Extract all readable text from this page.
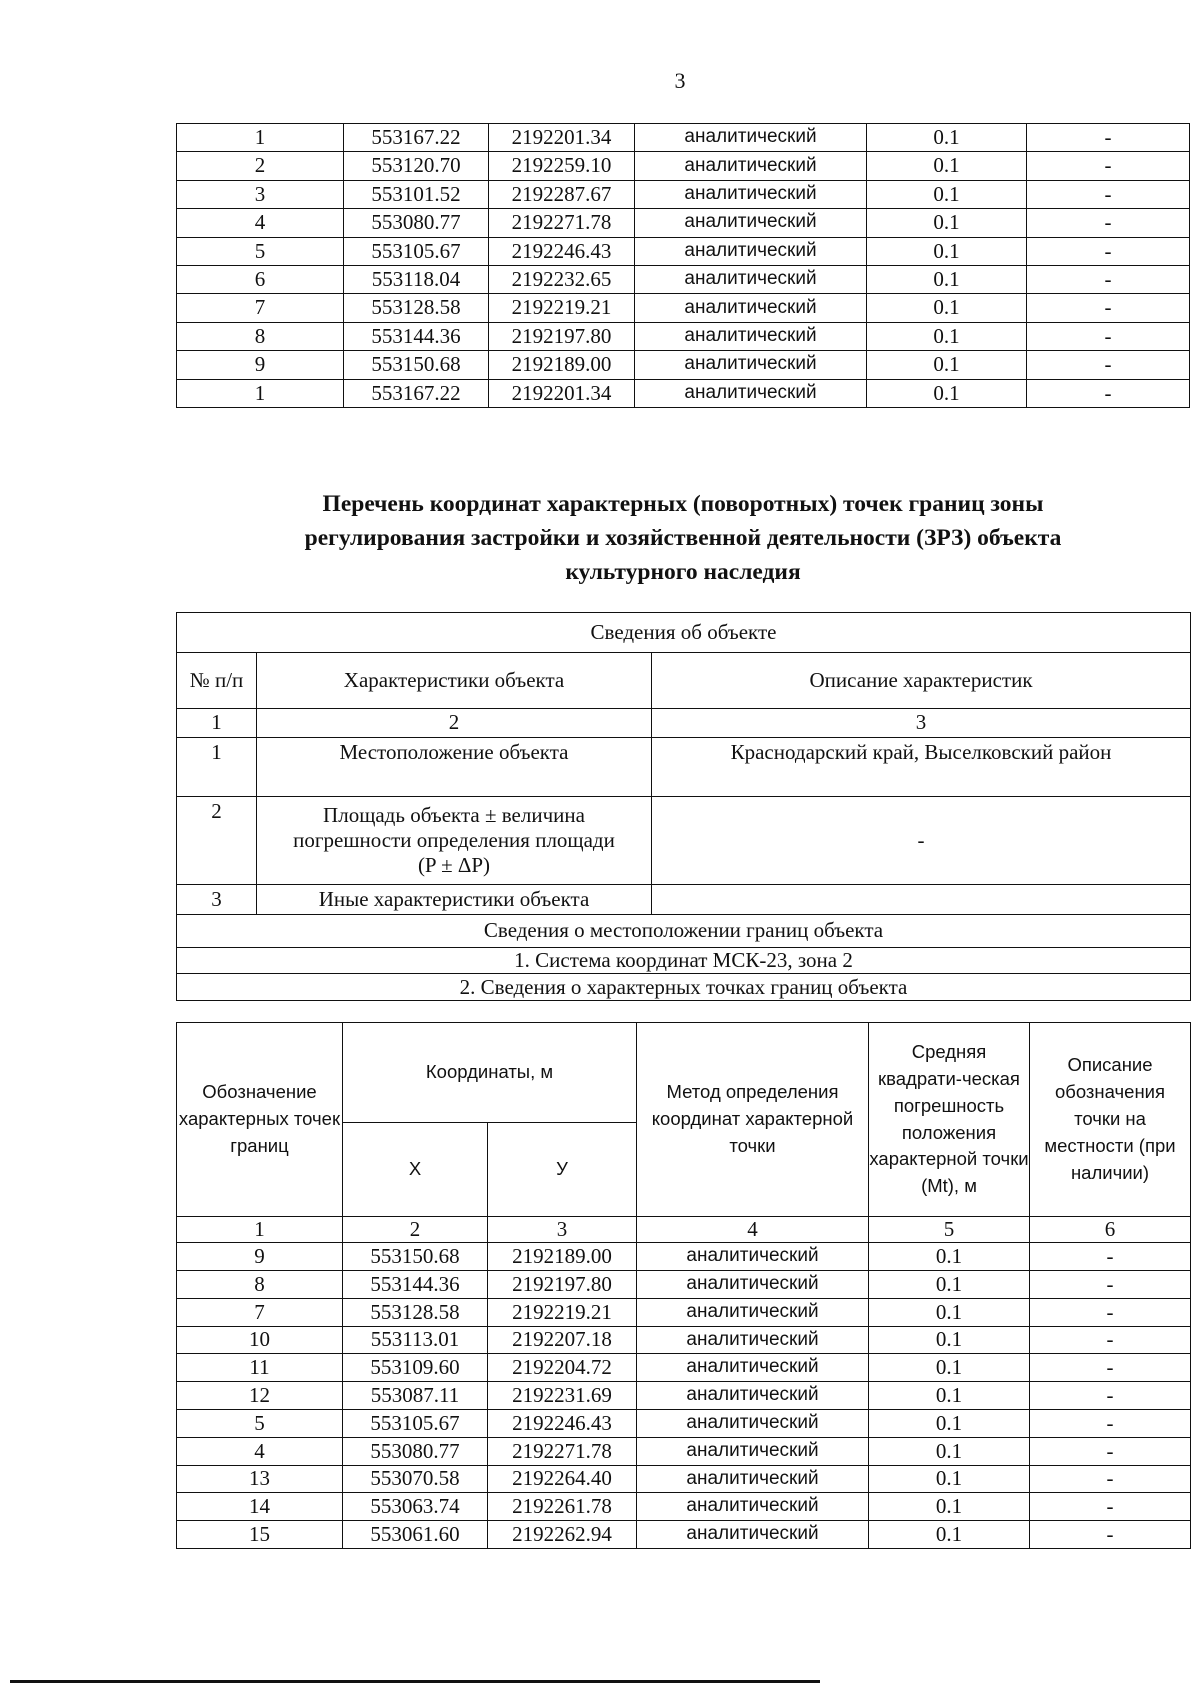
3
1	553167.22	2192201.34	аналитический	0.1	-
2	553120.70	2192259.10	аналитический	0.1	-
3	553101.52	2192287.67	аналитический	0.1	-
4	553080.77	2192271.78	аналитический	0.1	-
5	553105.67	2192246.43	аналитический	0.1	-
6	553118.04	2192232.65	аналитический	0.1	-
7	553128.58	2192219.21	аналитический	0.1	-
8	553144.36	2192197.80	аналитический	0.1	-
9	553150.68	2192189.00	аналитический	0.1	-
1	553167.22	2192201.34	аналитический	0.1	-
Перечень координат характерных (поворотных) точек границ зоны
регулирования застройки и хозяйственной деятельности (ЗРЗ) объекта
культурного наследия
Сведения об объекте		
№ п/п	Характеристики объекта	Описание характеристик
1	2	3
1	Местоположение объекта	Краснодарский край, Выселковский район
2	Площадь объекта ± величина погрешности определения площади (P ± ΔP)	-
3	Иные характеристики объекта	
Сведения о местоположении границ объекта		
1. Система координат МСК-23, зона 2		
2. Сведения о характерных точках границ объекта		
Обозначение характерных точек границ	Координаты, м		Метод определения координат характерной точки	Средняя квадрати-ческая погрешность положения характерной точки (Mt), м	Описание обозначения точки на местности (при наличии)
	X	У			
1	2	3	4	5	6
9	553150.68	2192189.00	аналитический	0.1	-
8	553144.36	2192197.80	аналитический	0.1	-
7	553128.58	2192219.21	аналитический	0.1	-
10	553113.01	2192207.18	аналитический	0.1	-
11	553109.60	2192204.72	аналитический	0.1	-
12	553087.11	2192231.69	аналитический	0.1	-
5	553105.67	2192246.43	аналитический	0.1	-
4	553080.77	2192271.78	аналитический	0.1	-
13	553070.58	2192264.40	аналитический	0.1	-
14	553063.74	2192261.78	аналитический	0.1	-
15	553061.60	2192262.94	аналитический	0.1	-
